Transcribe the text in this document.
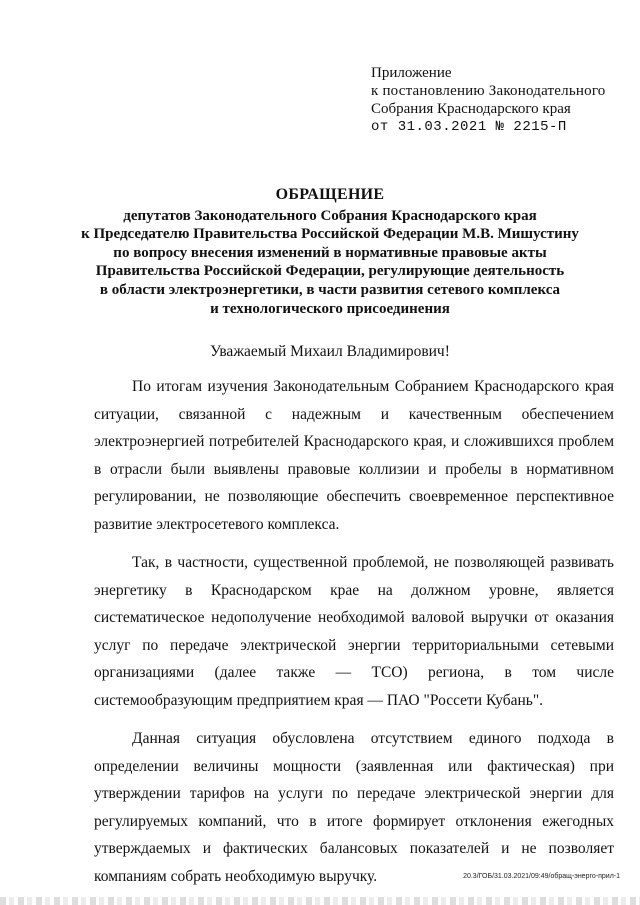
Приложение
к постановлению Законодательного
Собрания Краснодарского края
от 31.03.2021 № 2215-П
ОБРАЩЕНИЕ
депутатов Законодательного Собрания Краснодарского края
к Председателю Правительства Российской Федерации М.В. Мишустину
по вопросу внесения изменений в нормативные правовые акты
Правительства Российской Федерации, регулирующие деятельность
в области электроэнергетики, в части развития сетевого комплекса
и технологического присоединения
Уважаемый Михаил Владимирович!

По итогам изучения Законодательным Собранием Краснодарского края ситуации, связанной с надежным и качественным обеспечением электроэнергией потребителей Краснодарского края, и сложившихся проблем в отрасли были выявлены правовые коллизии и пробелы в нормативном регулировании, не позволяющие обеспечить своевременное перспективное развитие электросетевого комплекса.

Так, в частности, существенной проблемой, не позволяющей развивать энергетику в Краснодарском крае на должном уровне, является систематическое недополучение необходимой валовой выручки от оказания услуг по передаче электрической энергии территориальными сетевыми организациями (далее также — ТСО) региона, в том числе системообразующим предприятием края — ПАО "Россети Кубань".

Данная ситуация обусловлена отсутствием единого подхода в определении величины мощности (заявленная или фактическая) при утверждении тарифов на услуги по передаче электрической энергии для регулируемых компаний, что в итоге формирует отклонения ежегодных утверждаемых и фактических балансовых показателей и не позволяет компаниям собрать необходимую выручку.	20.3/ГОБ/31.03.2021/09:49/обращ-энерго-прил-1
